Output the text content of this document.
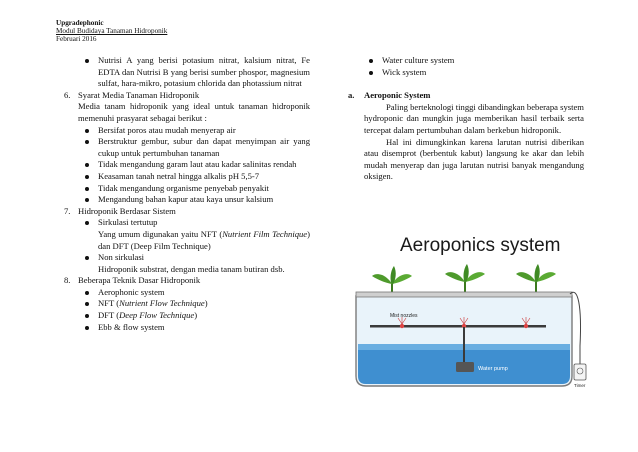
Upgradephonic
Modul Budidaya Tanaman Hidroponik
Februari 2016
Nutrisi A yang berisi potasium nitrat, kalsium nitrat, Fe EDTA dan Nutrisi B yang berisi sumber phospor, magnesium sulfat, hara-mikro, potasium chlorida dan photassium nitrat
6. Syarat Media Tanaman Hidroponik
Media tanam hidroponik yang ideal untuk tanaman hidroponik memenuhi prasyarat sebagai berikut :
Bersifat poros atau mudah menyerap air
Berstruktur gembur, subur dan dapat menyimpan air yang cukup untuk pertumbuhan tanaman
Tidak mengandung garam laut atau kadar salinitas rendah
Keasaman tanah netral hingga alkalis pH 5,5-7
Tidak mengandung organisme penyebab penyakit
Mengandung bahan kapur atau kaya unsur kalsium
7. Hidroponik Berdasar Sistem
Sirkulasi tertutup
Yang umum digunakan yaitu NFT (Nutrient Film Technique) dan DFT (Deep Film Technique)
Non sirkulasi
Hidroponik substrat, dengan media tanam butiran dsb.
8. Beberapa Teknik Dasar Hidroponik
Aerophonic system
NFT (Nutrient Flow Technique)
DFT (Deep Flow Technique)
Ebb & flow system
Water culture system
Wick system
a. Aeroponic System
Paling berteknologi tinggi dibandingkan beberapa system hydroponic dan mungkin juga memberikan hasil terbaik serta tercepat dalam pertumbuhan dalam berkebun hidroponik.
Hal ini dimungkinkan karena larutan nutrisi diberikan atau disemprot (berbentuk kabut) langsung ke akar dan lebih mudah menyerap dan juga larutan nutrisi banyak mengandung oksigen.
Aeroponics system
Water pump
Mist nozzles
Timer
